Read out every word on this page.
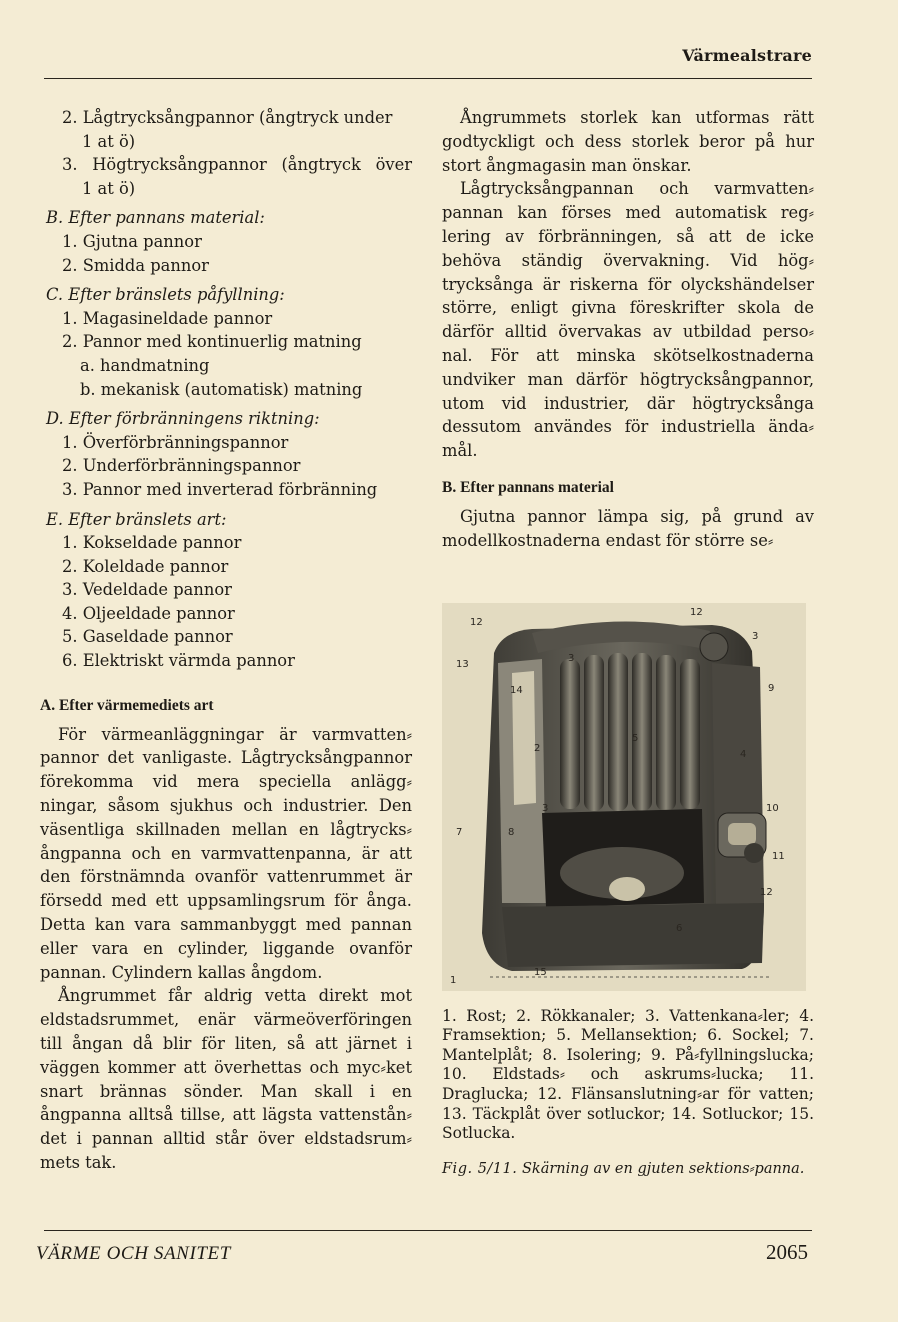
Värmealstrare
2. Lågtrycksångpannor (ångtryck under
1 at ö)
3. Högtrycksångpannor (ångtryck över
1 at ö)
B. Efter pannans material:
1. Gjutna pannor
2. Smidda pannor
C. Efter bränslets påfyllning:
1. Magasineldade pannor
2. Pannor med kontinuerlig matning
a. handmatning
b. mekanisk (automatisk) matning
D. Efter förbränningens riktning:
1. Överförbränningspannor
2. Underförbränningspannor
3. Pannor med inverterad förbränning
E. Efter bränslets art:
1. Kokseldade pannor
2. Koleldade pannor
3. Vedeldade pannor
4. Oljeeldade pannor
5. Gaseldade pannor
6. Elektriskt värmda pannor
A. Efter värmemediets art

För värmeanläggningar är varmvatten⸗pannor det vanligaste. Lågtrycksångpannor förekomma vid mera speciella anlägg⸗ningar, såsom sjukhus och industrier. Den väsentliga skillnaden mellan en lågtrycks⸗ångpanna och en varmvattenpanna, är att den förstnämnda ovanför vattenrummet är försedd med ett uppsamlingsrum för ånga. Detta kan vara sammanbyggt med pannan eller vara en cylinder, liggande ovanför pannan. Cylindern kallas ångdom.

Ångrummet får aldrig vetta direkt mot eldstadsrummet, enär värmeöverföringen till ångan då blir för liten, så att järnet i väggen kommer att överhettas och myc⸗ket snart brännas sönder. Man skall i en ångpanna alltså tillse, att lägsta vattenstån⸗det i pannan alltid står över eldstadsrum⸗mets tak.

Ångrummets storlek kan utformas rätt godtyckligt och dess storlek beror på hur stort ångmagasin man önskar.

Lågtrycksångpannan och varmvatten⸗pannan kan förses med automatisk reg⸗lering av förbränningen, så att de icke behöva ständig övervakning. Vid hög⸗trycksånga är riskerna för olyckshändelser större, enligt givna föreskrifter skola de därför alltid övervakas av utbildad perso⸗nal. För att minska skötselkostnaderna undviker man därför högtrycksångpannor, utom vid industrier, där högtrycksånga dessutom användes för industriella ända⸗mål.

B. Efter pannans material

Gjutna pannor lämpa sig, på grund av modellkostnaderna endast för större se⸗

12
12
3
13
9
3
14
5
2
4
3	10
7	8
11
12
6
15
1

1. Rost; 2. Rökkanaler; 3. Vattenkana⸗ler; 4. Framsektion; 5. Mellansektion; 6. Sockel; 7. Mantelplåt; 8. Isolering; 9. På⸗fyllningslucka; 10. Eldstads⸗ och askrums⸗lucka; 11. Draglucka; 12. Flänsanslutning⸗ar för vatten; 13. Täckplåt över sotluckor; 14. Sotluckor; 15. Sotlucka.

Fig. 5/11. Skärning av en gjuten sektions⸗panna.
VÄRME OCH SANITET	2065
